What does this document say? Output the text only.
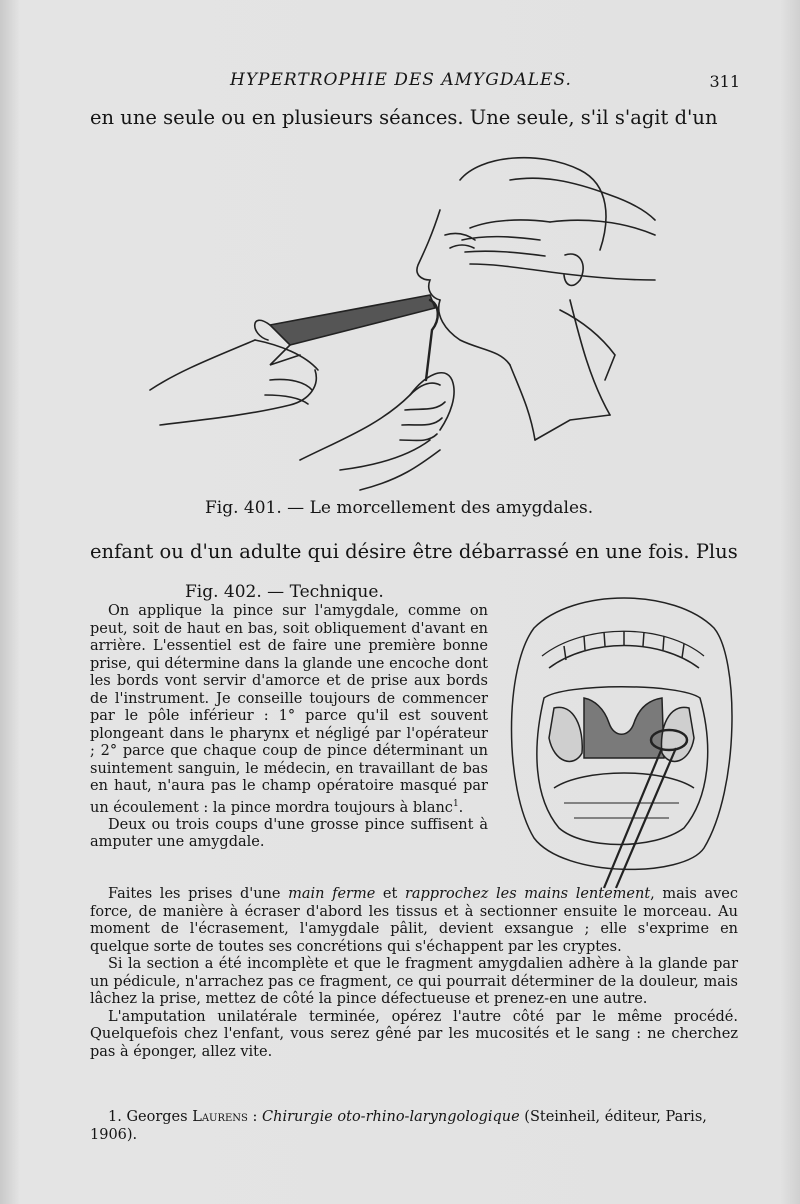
HYPERTROPHIE DES AMYGDALES.	311
en une seule ou en plusieurs séances. Une seule, s'il s'agit d'un
Fig. 401. — Le morcellement des amygdales.
enfant ou d'un adulte qui désire être débarrassé en une fois. Plus
Fig. 402. — Technique.

On applique la pince sur l'amygdale, comme on peut, soit de haut en bas, soit obliquement d'avant en arrière. L'essentiel est de faire une première bonne prise, qui détermine dans la glande une encoche dont les bords vont servir d'amorce et de prise aux bords de l'instrument. Je conseille toujours de commencer par le pôle inférieur : 1° parce qu'il est souvent plongeant dans le pharynx et négligé par l'opérateur ; 2° parce que chaque coup de pince déterminant un suintement sanguin, le médecin, en travaillant de bas en haut, n'aura pas le champ opératoire masqué par un écoulement : la pince mordra toujours à blanc$^1$.

Deux ou trois coups d'une grosse pince suffisent à amputer une amygdale.

Faites les prises d'une main ferme et rapprochez les mains lentement, mais avec force, de manière à écraser d'abord les tissus et à sectionner ensuite le morceau. Au moment de l'écrasement, l'amygdale pâlit, devient exsangue ; elle s'exprime en quelque sorte de toutes ses concrétions qui s'échappent par les cryptes.

Si la section a été incomplète et que le fragment amygdalien adhère à la glande par un pédicule, n'arrachez pas ce fragment, ce qui pourrait déterminer de la douleur, mais lâchez la prise, mettez de côté la pince défectueuse et prenez-en une autre.

L'amputation unilatérale terminée, opérez l'autre côté par le même procédé. Quelquefois chez l'enfant, vous serez gêné par les mucosités et le sang : ne cherchez pas à éponger, allez vite.

1. Georges Laurens : Chirurgie oto-rhino-laryngologique (Steinheil, éditeur, Paris, 1906).
